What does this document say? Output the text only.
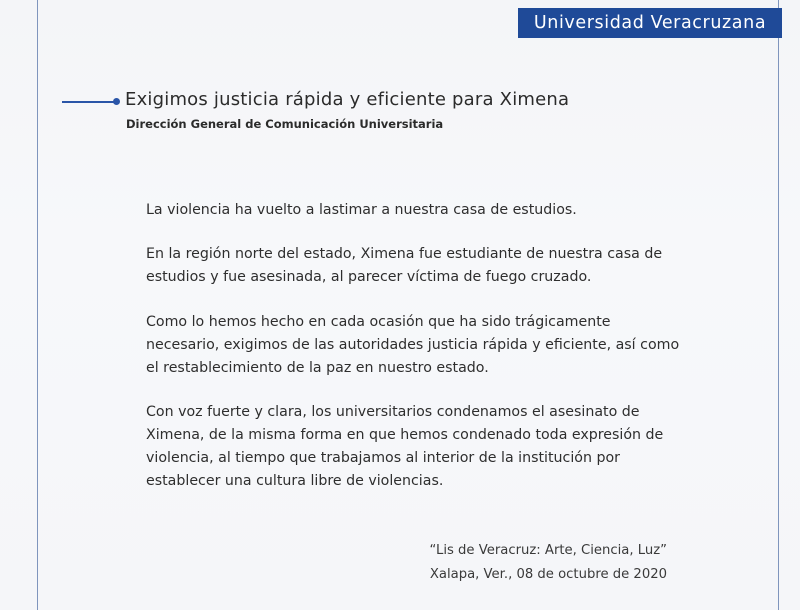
Universidad Veracruzana
Exigimos justicia rápida y eficiente para Ximena
Dirección General de Comunicación Universitaria

La violencia ha vuelto a lastimar a nuestra casa de estudios.

En la región norte del estado, Ximena fue estudiante de nuestra casa de
estudios y fue asesinada, al parecer víctima de fuego cruzado.

Como lo hemos hecho en cada ocasión que ha sido trágicamente
necesario, exigimos de las autoridades justicia rápida y eficiente, así como
el restablecimiento de la paz en nuestro estado.

Con voz fuerte y clara, los universitarios condenamos el asesinato de
Ximena, de la misma forma en que hemos condenado toda expresión de
violencia, al tiempo que trabajamos al interior de la institución por
establecer una cultura libre de violencias.

“Lis de Veracruz: Arte, Ciencia, Luz”
Xalapa, Ver., 08 de octubre de 2020
